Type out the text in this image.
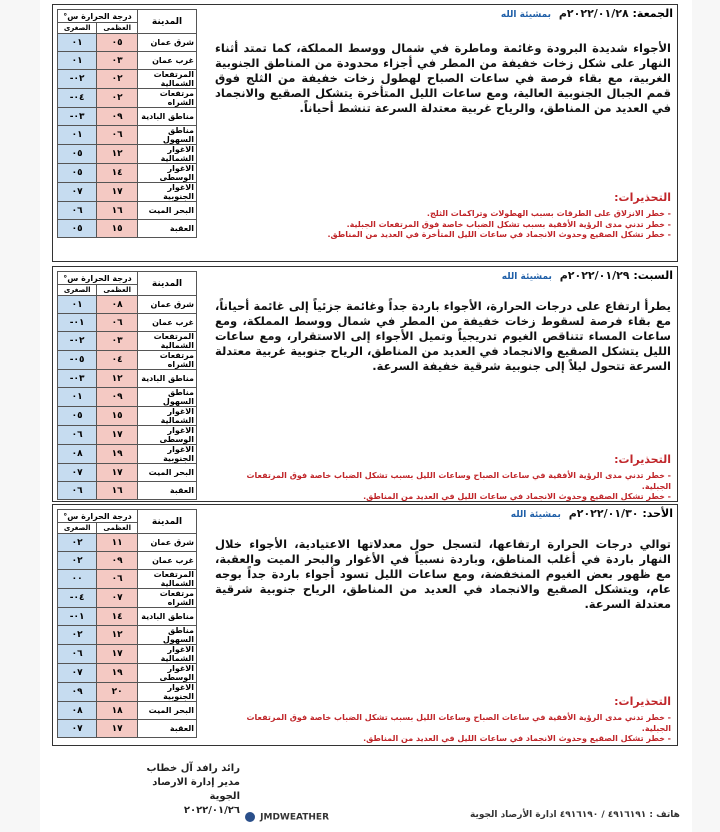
الجمعة: ٢٠٢٢/٠١/٢٨م بمشيئة الله
المدينة	درجة الحرارة س°	
	العظمى	الصغرى
شرق عمان	٠٥	٠١
غرب عمان	٠٣	٠١
المرتفعات الشمالية	٠٢	٠٢-
مرتفعات الشراه	٠٢	٠٤-
مناطق البادية	٠٩	٠٣-
مناطق السهول	٠٦	٠١
الاغوار الشمالية	١٢	٠٥
الاغوار الوسطى	١٤	٠٥
الاغوار الجنوبية	١٧	٠٧
البحر الميت	١٦	٠٦
العقبة	١٥	٠٥
الأجواء شديدة البرودة وغائمة وماطرة في شمال ووسط المملكة، كما تمتد أثناء النهار على شكل زخات خفيفة من المطر في أجزاء محدودة من المناطق الجنوبية الغربية، مع بقاء فرصة في ساعات الصباح لهطول زخات خفيفة من الثلج فوق قمم الجبال الجنوبية العالية، ومع ساعات الليل المتأخرة يتشكل الصقيع والانجماد في العديد من المناطق، والرياح غربية معتدلة السرعة تنشط أحياناً.
التحذيرات:
- خطر الانزلاق على الطرقات بسبب الهطولات وتراكمات الثلج.
- خطر تدني مدى الرؤية الأفقية بسبب تشكل الضباب خاصة فوق المرتفعات الجبلية.
- خطر تشكل الصقيع وحدوث الانجماد في ساعات الليل المتأخرة في العديد من المناطق.
السبت: ٢٠٢٢/٠١/٢٩م بمشيئة الله
المدينة	درجة الحرارة س°	
	العظمى	الصغرى
شرق عمان	٠٨	٠١
غرب عمان	٠٦	٠١-
المرتفعات الشمالية	٠٣	٠٢-
مرتفعات الشراه	٠٤	٠٥-
مناطق البادية	١٢	٠٣-
مناطق السهول	٠٩	٠١
الاغوار الشمالية	١٥	٠٥
الاغوار الوسطى	١٧	٠٦
الاغوار الجنوبية	١٩	٠٨
البحر الميت	١٧	٠٧
العقبة	١٦	٠٦
يطرأ ارتفاع على درجات الحرارة، الأجواء باردة جداً وغائمة جزئياً إلى غائمة أحياناً، مع بقاء فرصة لسقوط زخات خفيفة من المطر في شمال ووسط المملكة، ومع ساعات المساء تتناقص الغيوم تدريجياً وتميل الأجواء إلى الاستقرار، ومع ساعات الليل يتشكل الصقيع والانجماد في العديد من المناطق، الرياح جنوبية غربية معتدلة السرعة تتحول ليلاً إلى جنوبية شرقية خفيفة السرعة.
التحذيرات:
- خطر تدني مدى الرؤية الأفقية في ساعات الصباح وساعات الليل بسبب تشكل الضباب خاصة فوق المرتفعات الجبلية.
- خطر تشكل الصقيع وحدوث الانجماد في ساعات الليل في العديد من المناطق.
الأحد: ٢٠٢٢/٠١/٣٠م بمشيئة الله
المدينة	درجة الحرارة س°	
	العظمى	الصغرى
شرق عمان	١١	٠٢
غرب عمان	٠٩	٠٢
المرتفعات الشمالية	٠٦	٠٠
مرتفعات الشراه	٠٧	٠٤-
مناطق البادية	١٤	٠١-
مناطق السهول	١٢	٠٢
الاغوار الشمالية	١٧	٠٦
الاغوار الوسطى	١٩	٠٧
الاغوار الجنوبية	٢٠	٠٩
البحر الميت	١٨	٠٨
العقبة	١٧	٠٧
توالي درجات الحرارة ارتفاعها، لتسجل حول معدلاتها الاعتيادية، الأجواء خلال النهار باردة في أغلب المناطق، وباردة نسبياً في الأغوار والبحر الميت والعقبة، مع ظهور بعض الغيوم المنخفضة، ومع ساعات الليل تسود أجواء باردة جداً بوجه عام، ويتشكل الصقيع والانجماد في العديد من المناطق، الرياح جنوبية شرقية معتدلة السرعة.
التحذيرات:
- خطر تدني مدى الرؤية الأفقية في ساعات الصباح وساعات الليل بسبب تشكل الضباب خاصة فوق المرتفعات الجبلية.
- خطر تشكل الصقيع وحدوث الانجماد في ساعات الليل في العديد من المناطق.
رائد رافد آل خطاب
مدير إدارة الارصاد الجوية
٢٠٢٢/٠١/٢٦
JMDWEATHER	هاتف : ٤٩١٦١٩١ / ٤٩١٦١٩٠ ادارة الأرصاد الجوية
